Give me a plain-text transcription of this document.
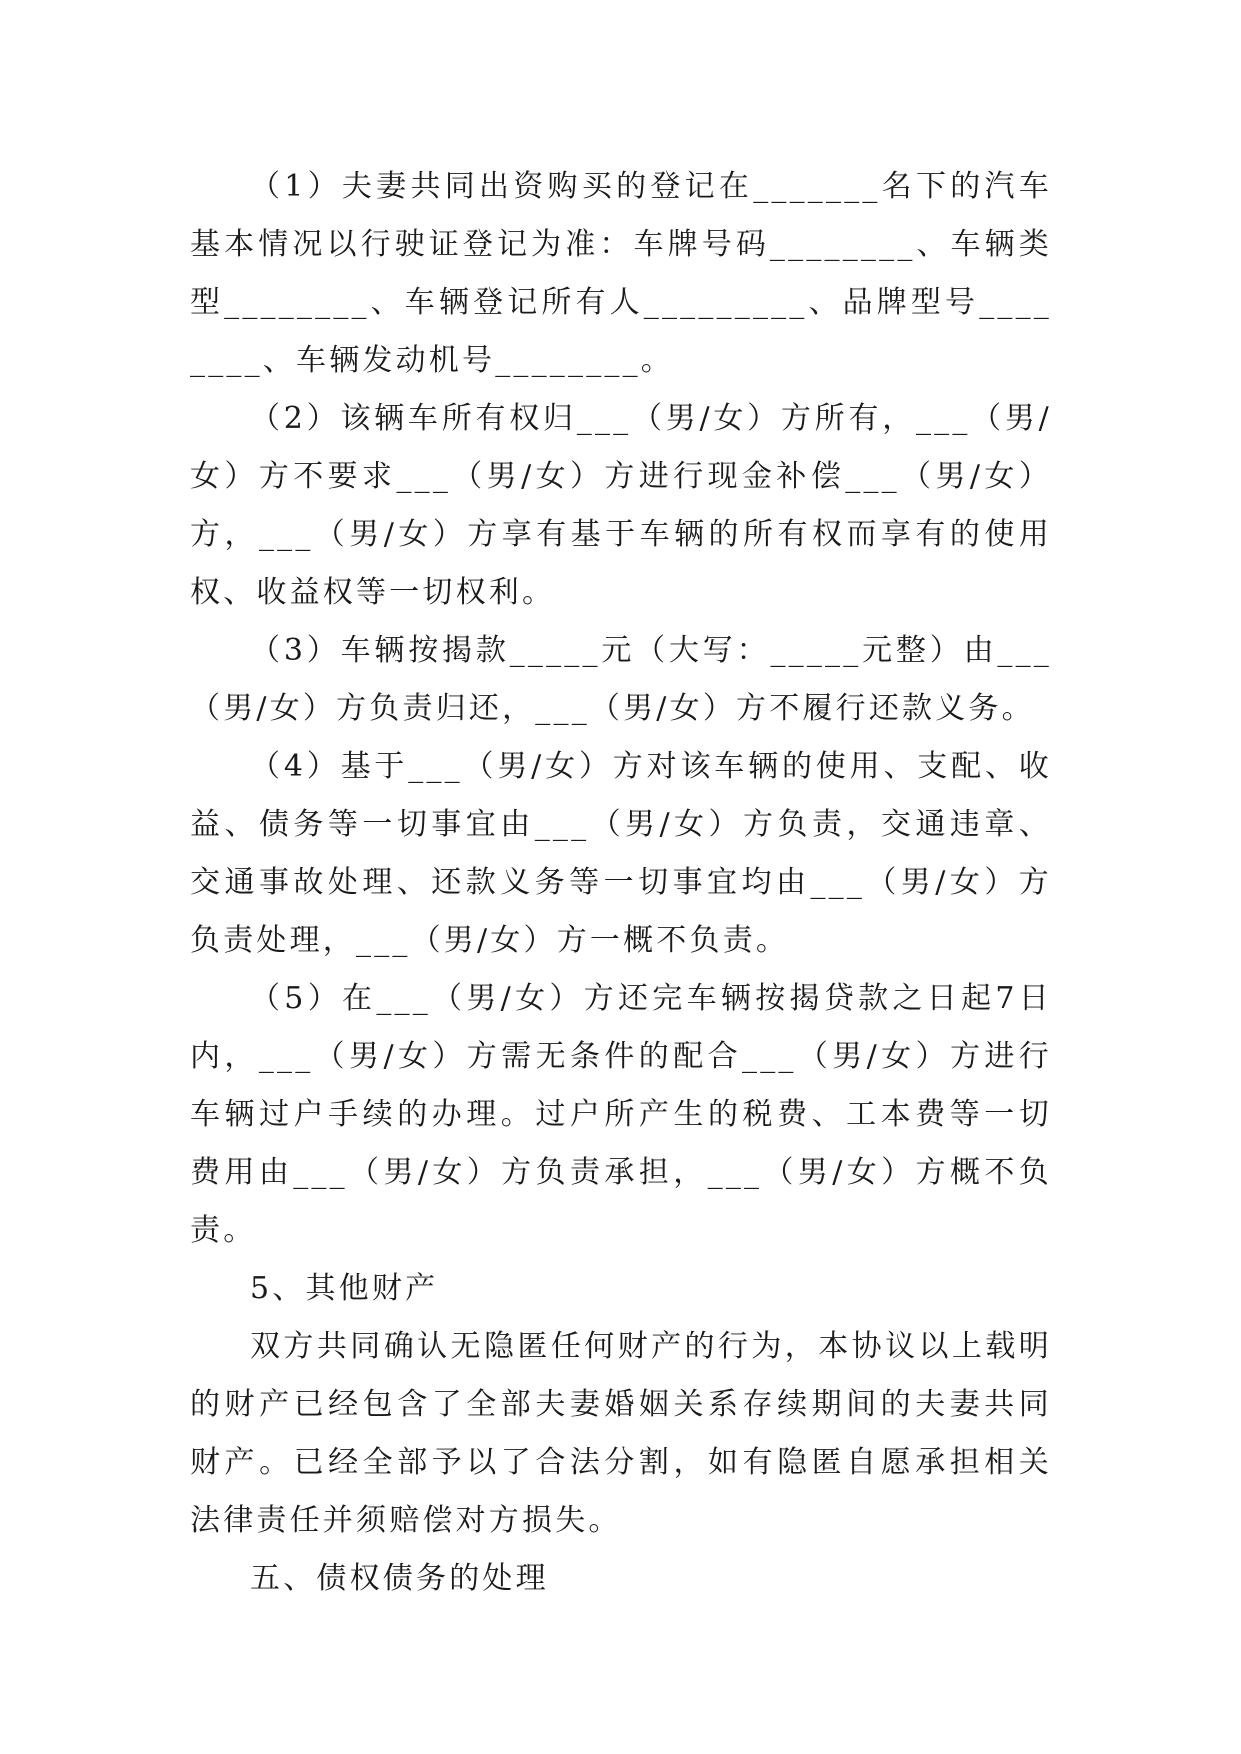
（1）夫妻共同出资购买的登记在_______名下的汽车基本情况以行驶证登记为准：车牌号码________、车辆类型________、车辆登记所有人_________、品牌型号________、车辆发动机号________。

（2）该辆车所有权归___（男/女）方所有，___（男/女）方不要求___（男/女）方进行现金补偿___（男/女）方，___（男/女）方享有基于车辆的所有权而享有的使用权、收益权等一切权利。

（3）车辆按揭款_____元（大写：_____元整）由___（男/女）方负责归还，___（男/女）方不履行还款义务。

（4）基于___（男/女）方对该车辆的使用、支配、收益、债务等一切事宜由___（男/女）方负责，交通违章、交通事故处理、还款义务等一切事宜均由___（男/女）方负责处理，___（男/女）方一概不负责。

（5）在___（男/女）方还完车辆按揭贷款之日起7日内，___（男/女）方需无条件的配合___（男/女）方进行车辆过户手续的办理。过户所产生的税费、工本费等一切费用由___（男/女）方负责承担，___（男/女）方概不负责。

5、其他财产

双方共同确认无隐匿任何财产的行为，本协议以上载明的财产已经包含了全部夫妻婚姻关系存续期间的夫妻共同财产。已经全部予以了合法分割，如有隐匿自愿承担相关法律责任并须赔偿对方损失。

五、债权债务的处理
